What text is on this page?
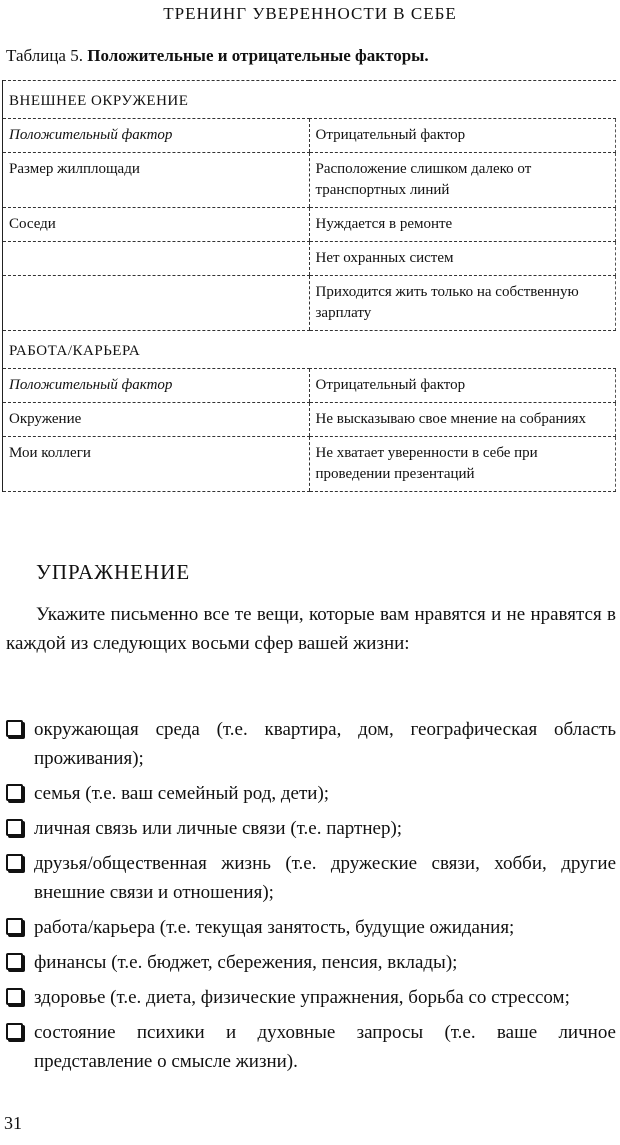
ТРЕНИНГ УВЕРЕННОСТИ В СЕБЕ
Таблица 5. Положительные и отрицательные факторы.
ВНЕШНЕЕ ОКРУЖЕНИЕ	
Положительный фактор	Отрицательный фактор
Размер жилплощади	Расположение слишком далеко от транспортных линий
Соседи	Нуждается в ремонте
	Нет охранных систем
	Приходится жить только на собственную зарплату
РАБОТА/КАРЬЕРА	
Положительный фактор	Отрицательный фактор
Окружение	Не высказываю свое мнение на собраниях
Мои коллеги	Не хватает уверенности в себе при проведении презентаций
УПРАЖНЕНИЕ

Укажите письменно все те вещи, которые вам нравятся и не нравятся в каждой из следующих восьми сфер вашей жизни:

окружающая среда (т.е. квартира, дом, географическая область проживания);
семья (т.е. ваш семейный род, дети);
личная связь или личные связи (т.е. партнер);
друзья/общественная жизнь (т.е. дружеские связи, хобби, другие внешние связи и отношения);
работа/карьера (т.е. текущая занятость, будущие ожидания;
финансы (т.е. бюджет, сбережения, пенсия, вклады);
здоровье (т.е. диета, физические упражнения, борьба со стрессом;
состояние психики и духовные запросы (т.е. ваше личное представление о смысле жизни).
31
